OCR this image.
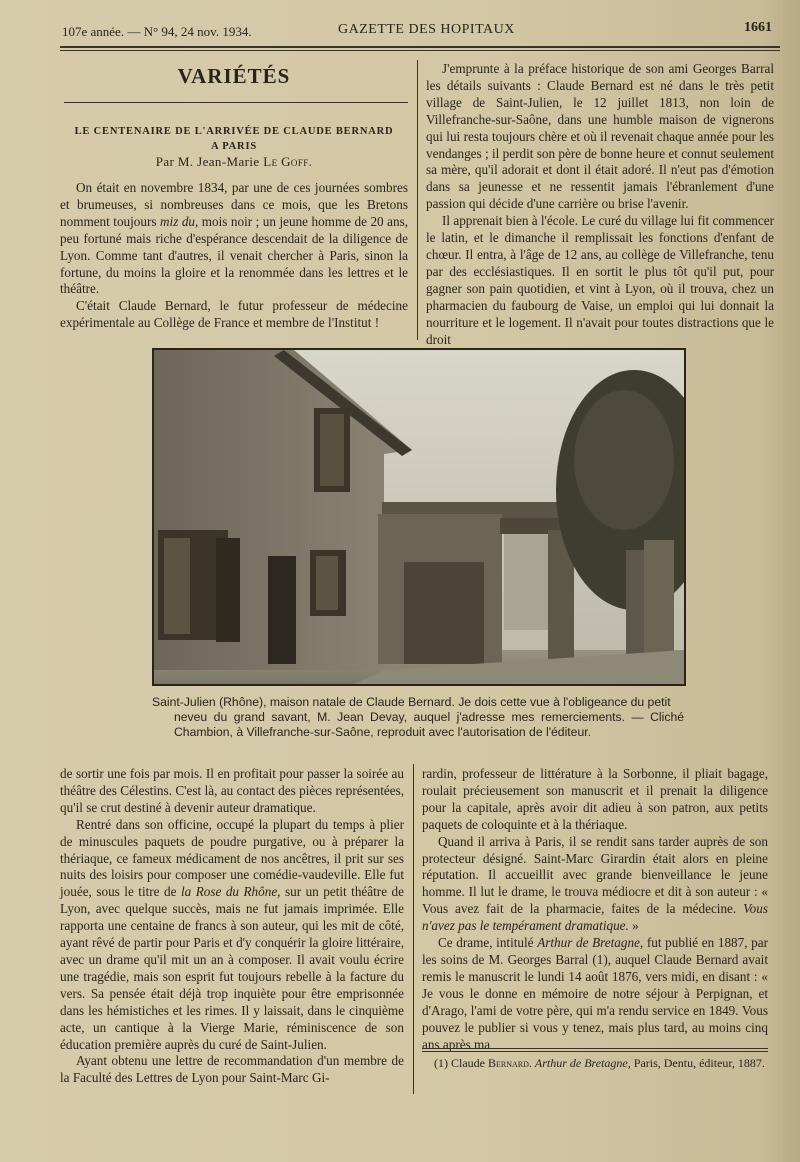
107e année. — N° 94, 24 nov. 1934.	GAZETTE DES HOPITAUX	1661
VARIÉTÉS
LE CENTENAIRE DE L'ARRIVÉE DE CLAUDE BERNARD
A PARIS
Par M. Jean-Marie Le Goff.

On était en novembre 1834, par une de ces journées sombres et brumeuses, si nombreuses dans ce mois, que les Bretons nomment toujours miz du, mois noir ; un jeune homme de 20 ans, peu fortuné mais riche d'espérance descendait de la diligence de Lyon. Comme tant d'autres, il venait chercher à Paris, sinon la fortune, du moins la gloire et la renommée dans les lettres et le théâtre.

C'était Claude Bernard, le futur professeur de médecine expérimentale au Collège de France et membre de l'Institut !

J'emprunte à la préface historique de son ami Georges Barral les détails suivants : Claude Bernard est né dans le très petit village de Saint-Julien, le 12 juillet 1813, non loin de Villefranche-sur-Saône, dans une humble maison de vignerons qui lui resta toujours chère et où il revenait chaque année pour les vendanges ; il perdit son père de bonne heure et connut seulement sa mère, qu'il adorait et dont il était adoré. Il n'eut pas d'émotion dans sa jeunesse et ne ressentit jamais l'ébranlement d'une passion qui décide d'une carrière ou brise l'avenir.

Il apprenait bien à l'école. Le curé du village lui fit commencer le latin, et le dimanche il remplissait les fonctions d'enfant de chœur. Il entra, à l'âge de 12 ans, au collège de Villefranche, tenu par des ecclésiastiques. Il en sortit le plus tôt qu'il put, pour gagner son pain quotidien, et vint à Lyon, où il trouva, chez un pharmacien du faubourg de Vaise, un emploi qui lui donnait la nourriture et le logement. Il n'avait pour toutes distractions que le droit

Saint-Julien (Rhône), maison natale de Claude Bernard. Je dois cette vue à l'obligeance du petit
neveu du grand savant, M. Jean Devay, auquel j'adresse mes remerciements. — Cliché Chambion, à Villefranche-sur-Saône, reproduit avec l'autorisation de l'éditeur.

de sortir une fois par mois. Il en profitait pour passer la soirée au théâtre des Célestins. C'est là, au contact des pièces représentées, qu'il se crut destiné à devenir auteur dramatique.

Rentré dans son officine, occupé la plupart du temps à plier de minuscules paquets de poudre purgative, ou à préparer la thériaque, ce fameux médicament de nos ancêtres, il prit sur ses nuits des loisirs pour composer une comédie-vaudeville. Elle fut jouée, sous le titre de la Rose du Rhône, sur un petit théâtre de Lyon, avec quelque succès, mais ne fut jamais imprimée. Elle rapporta une centaine de francs à son auteur, qui les mit de côté, ayant rêvé de partir pour Paris et d'y conquérir la gloire littéraire, avec un drame qu'il mit un an à composer. Il avait voulu écrire une tragédie, mais son esprit fut toujours rebelle à la facture du vers. Sa pensée était déjà trop inquiète pour être emprisonnée dans les hémistiches et les rimes. Il y laissait, dans le cinquième acte, un cantique à la Vierge Marie, réminiscence de son éducation première auprès du curé de Saint-Julien.

Ayant obtenu une lettre de recommandation d'un membre de la Faculté des Lettres de Lyon pour Saint-Marc Gi-

rardin, professeur de littérature à la Sorbonne, il pliait bagage, roulait précieusement son manuscrit et il prenait la diligence pour la capitale, après avoir dit adieu à son patron, aux petits paquets de coloquinte et à la thériaque.

Quand il arriva à Paris, il se rendit sans tarder auprès de son protecteur désigné. Saint-Marc Girardin était alors en pleine réputation. Il accueillit avec grande bienveillance le jeune homme. Il lut le drame, le trouva médiocre et dit à son auteur : « Vous avez fait de la pharmacie, faites de la médecine. Vous n'avez pas le tempérament dramatique. »

Ce drame, intitulé Arthur de Bretagne, fut publié en 1887, par les soins de M. Georges Barral (1), auquel Claude Bernard avait remis le manuscrit le lundi 14 août 1876, vers midi, en disant : « Je vous le donne en mémoire de notre séjour à Perpignan, et d'Arago, l'ami de votre père, qui m'a rendu service en 1849. Vous pouvez le publier si vous y tenez, mais plus tard, au moins cinq ans après ma

(1) Claude Bernard. Arthur de Bretagne, Paris, Dentu, éditeur, 1887.
